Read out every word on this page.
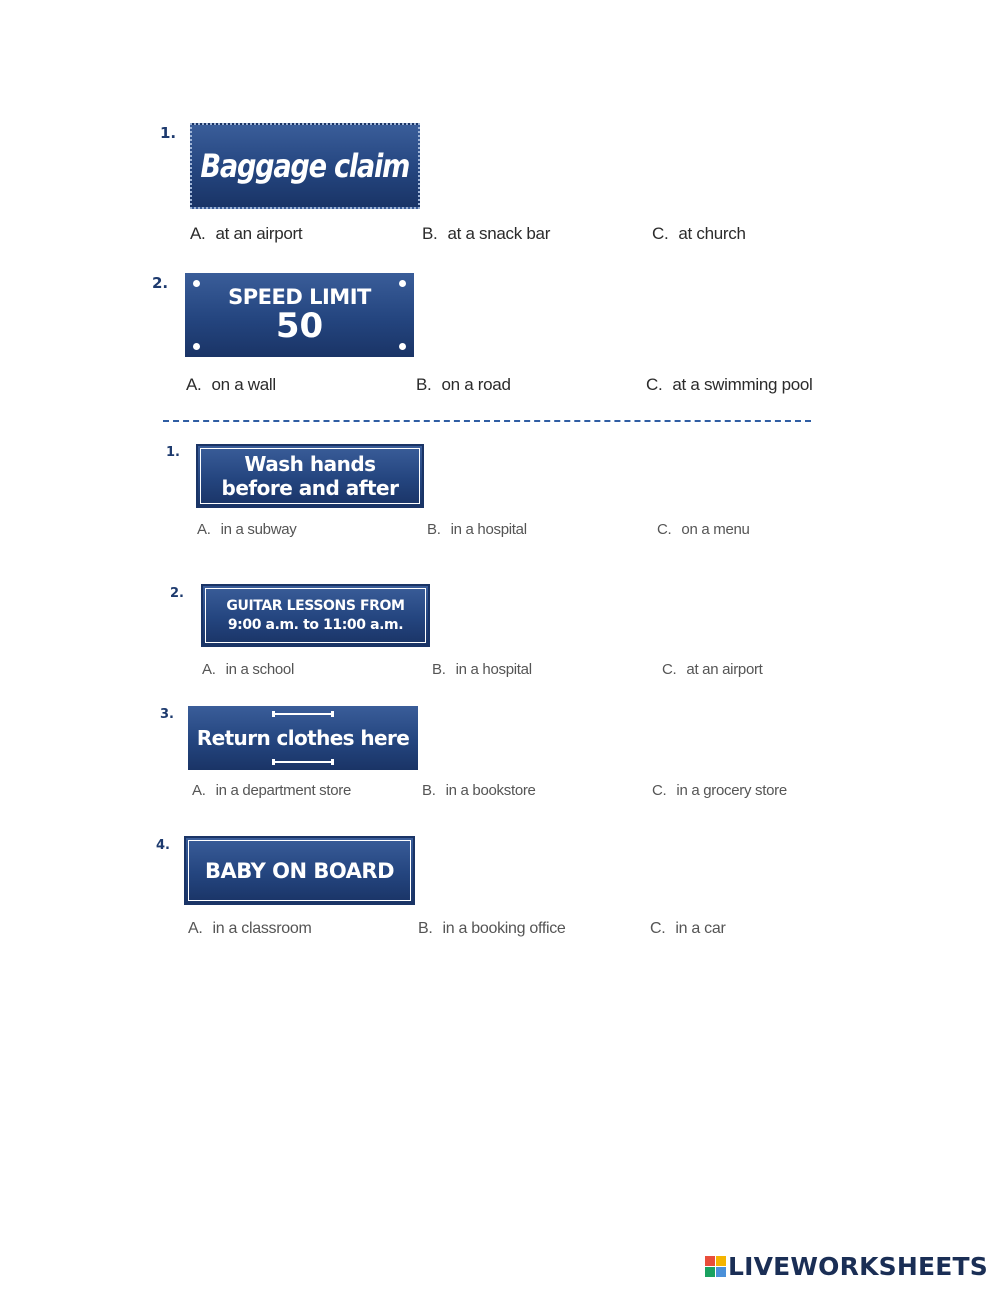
1.
Baggage claim
A. at an airport	B. at a snack bar	C. at church
2.
SPEED LIMIT
50
A. on a wall	B. on a road	C. at a swimming pool
1.	Wash hands
before and after
A. in a subway	B. in a hospital	C. on a menu
2.
GUITAR LESSONS FROM
9:00 a.m. to 11:00 a.m.
A. in a school	B. in a hospital	C. at an airport
3.
Return clothes here
A. in a department store	B. in a bookstore	C. in a grocery store
4.
BABY ON BOARD
A. in a classroom	B. in a booking office	C. in a car
LIVEWORKSHEETS
